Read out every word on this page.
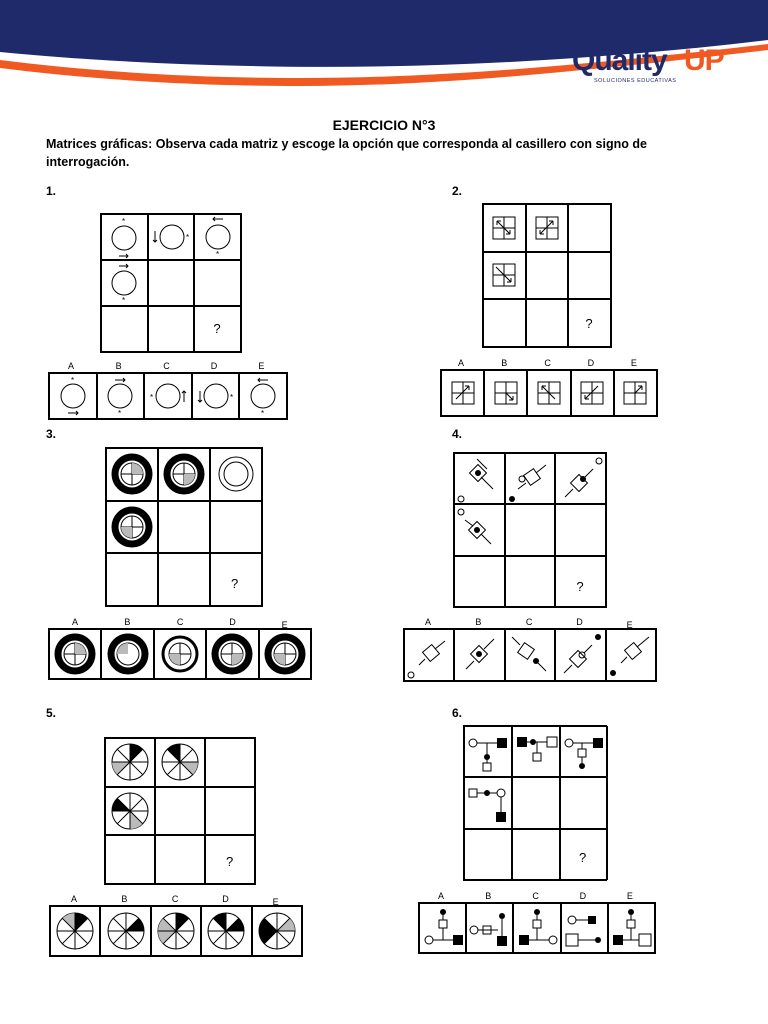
Quality UP
SOLUCIONES EDUCATIVAS
EJERCICIO N°3
Matrices gráficas: Observa cada matriz y escoge la opción que corresponda al casillero con signo de interrogación.
1.
*
*
*
*
?
A
*
B
*
C
*
D
*
E
*
2.
?
A	B	C	D	E
3.
?
A	B	C	D	E
4.
?
A	B	C	D	E
5.
?
A	B	C	D	E
6.
?
A	B	C	D	E
